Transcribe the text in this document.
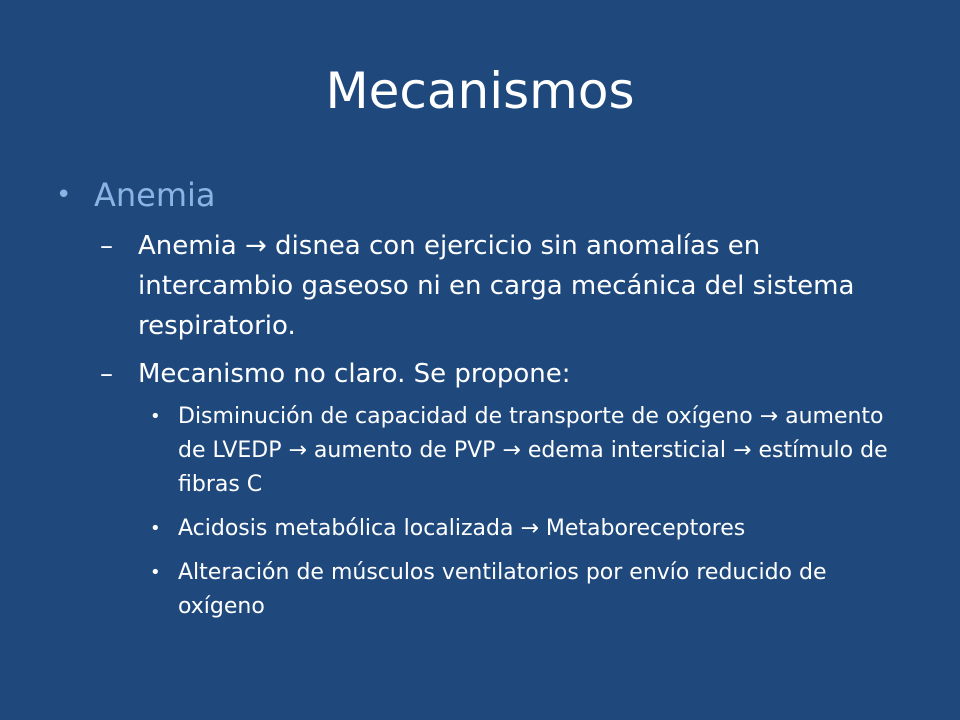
Mecanismos
• Anemia
– Anemia → disnea con ejercicio sin anomalías en intercambio gaseoso ni en carga mecánica del sistema respiratorio.
– Mecanismo no claro. Se propone:
• Disminución de capacidad de transporte de oxígeno → aumento de LVEDP → aumento de PVP → edema intersticial → estímulo de fibras C
• Acidosis metabólica localizada → Metaboreceptores
• Alteración de músculos ventilatorios por envío reducido de oxígeno
